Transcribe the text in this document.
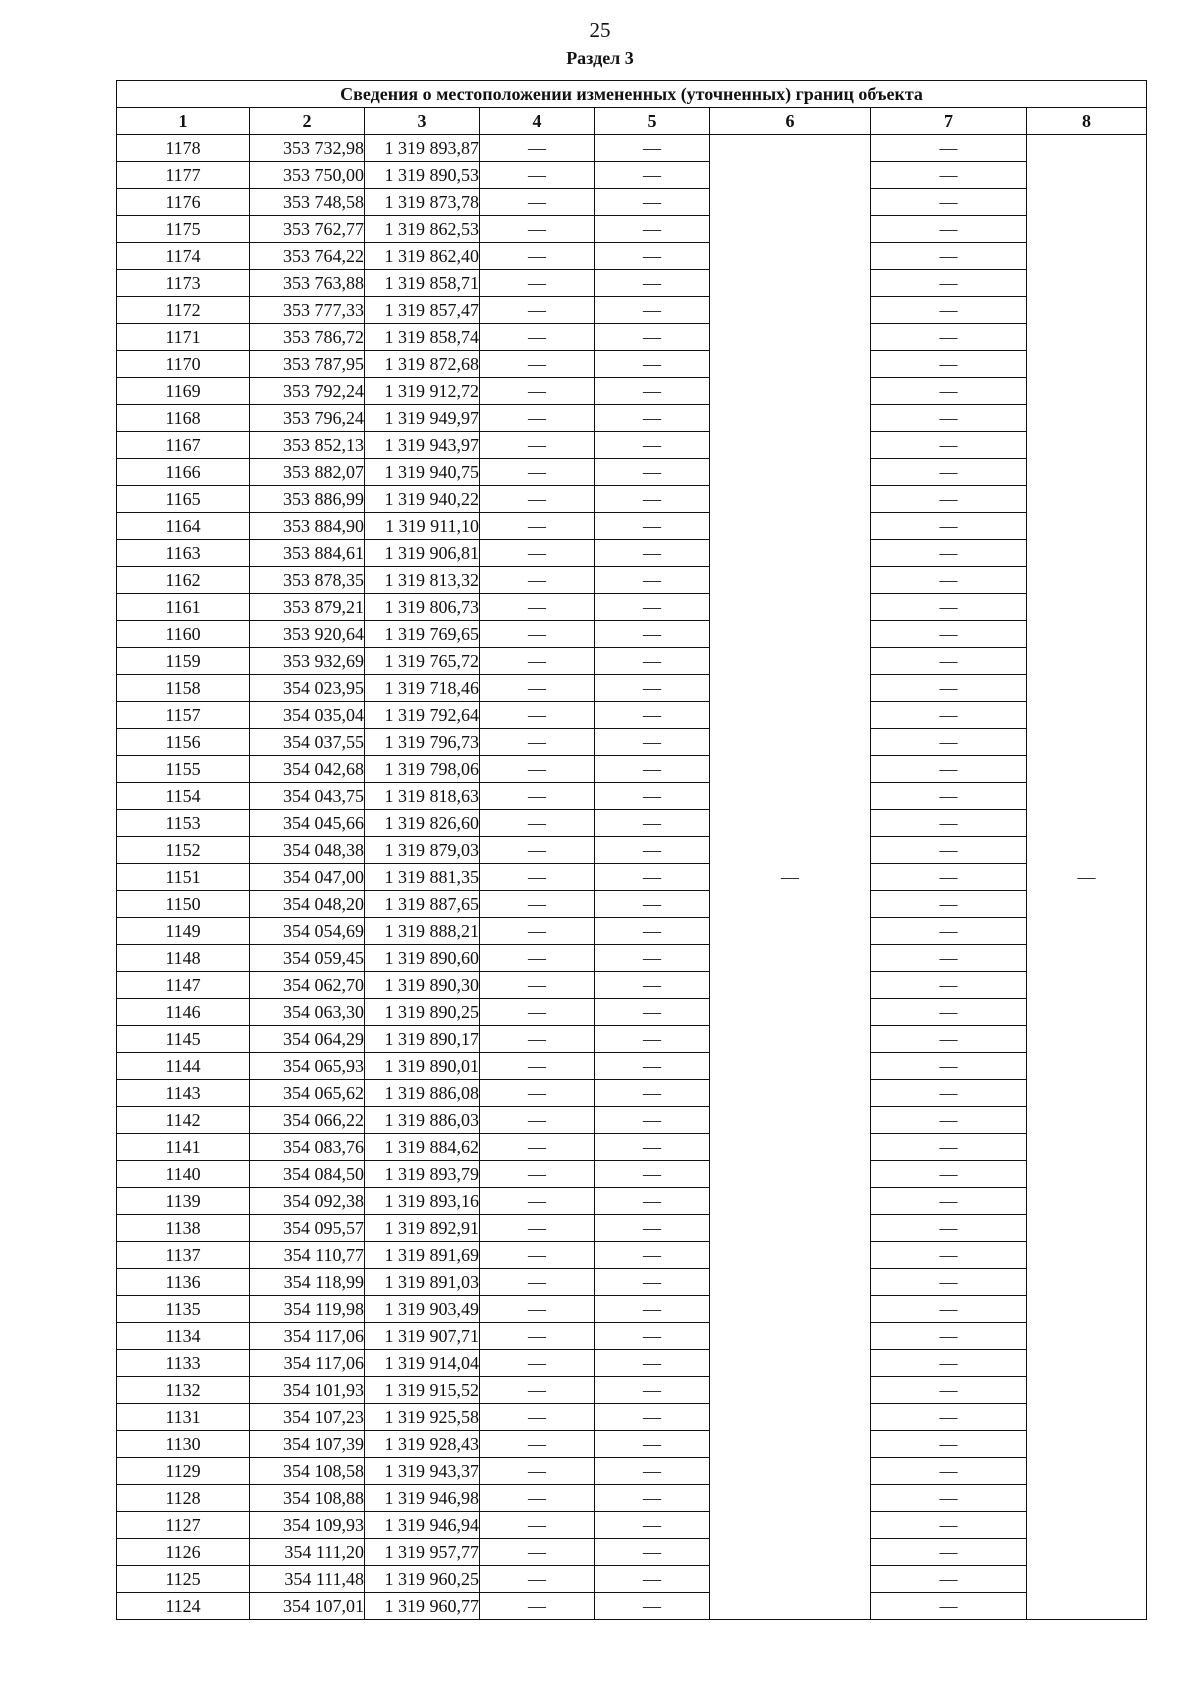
25
Раздел 3
Сведения о местоположении измененных (уточненных) границ объекта							
1	2	3	4	5	6	7	8
1178	353 732,98	1 319 893,87	—	—	—	—	—
1177	353 750,00	1 319 890,53	—	—		—	
1176	353 748,58	1 319 873,78	—	—		—	
1175	353 762,77	1 319 862,53	—	—		—	
1174	353 764,22	1 319 862,40	—	—		—	
1173	353 763,88	1 319 858,71	—	—		—	
1172	353 777,33	1 319 857,47	—	—		—	
1171	353 786,72	1 319 858,74	—	—		—	
1170	353 787,95	1 319 872,68	—	—		—	
1169	353 792,24	1 319 912,72	—	—		—	
1168	353 796,24	1 319 949,97	—	—		—	
1167	353 852,13	1 319 943,97	—	—		—	
1166	353 882,07	1 319 940,75	—	—		—	
1165	353 886,99	1 319 940,22	—	—		—	
1164	353 884,90	1 319 911,10	—	—		—	
1163	353 884,61	1 319 906,81	—	—		—	
1162	353 878,35	1 319 813,32	—	—		—	
1161	353 879,21	1 319 806,73	—	—		—	
1160	353 920,64	1 319 769,65	—	—		—	
1159	353 932,69	1 319 765,72	—	—		—	
1158	354 023,95	1 319 718,46	—	—		—	
1157	354 035,04	1 319 792,64	—	—		—	
1156	354 037,55	1 319 796,73	—	—		—	
1155	354 042,68	1 319 798,06	—	—		—	
1154	354 043,75	1 319 818,63	—	—		—	
1153	354 045,66	1 319 826,60	—	—		—	
1152	354 048,38	1 319 879,03	—	—		—	
1151	354 047,00	1 319 881,35	—	—		—	
1150	354 048,20	1 319 887,65	—	—		—	
1149	354 054,69	1 319 888,21	—	—		—	
1148	354 059,45	1 319 890,60	—	—		—	
1147	354 062,70	1 319 890,30	—	—		—	
1146	354 063,30	1 319 890,25	—	—		—	
1145	354 064,29	1 319 890,17	—	—		—	
1144	354 065,93	1 319 890,01	—	—		—	
1143	354 065,62	1 319 886,08	—	—		—	
1142	354 066,22	1 319 886,03	—	—		—	
1141	354 083,76	1 319 884,62	—	—		—	
1140	354 084,50	1 319 893,79	—	—		—	
1139	354 092,38	1 319 893,16	—	—		—	
1138	354 095,57	1 319 892,91	—	—		—	
1137	354 110,77	1 319 891,69	—	—		—	
1136	354 118,99	1 319 891,03	—	—		—	
1135	354 119,98	1 319 903,49	—	—		—	
1134	354 117,06	1 319 907,71	—	—		—	
1133	354 117,06	1 319 914,04	—	—		—	
1132	354 101,93	1 319 915,52	—	—		—	
1131	354 107,23	1 319 925,58	—	—		—	
1130	354 107,39	1 319 928,43	—	—		—	
1129	354 108,58	1 319 943,37	—	—		—	
1128	354 108,88	1 319 946,98	—	—		—	
1127	354 109,93	1 319 946,94	—	—		—	
1126	354 111,20	1 319 957,77	—	—		—	
1125	354 111,48	1 319 960,25	—	—		—	
1124	354 107,01	1 319 960,77	—	—		—	
